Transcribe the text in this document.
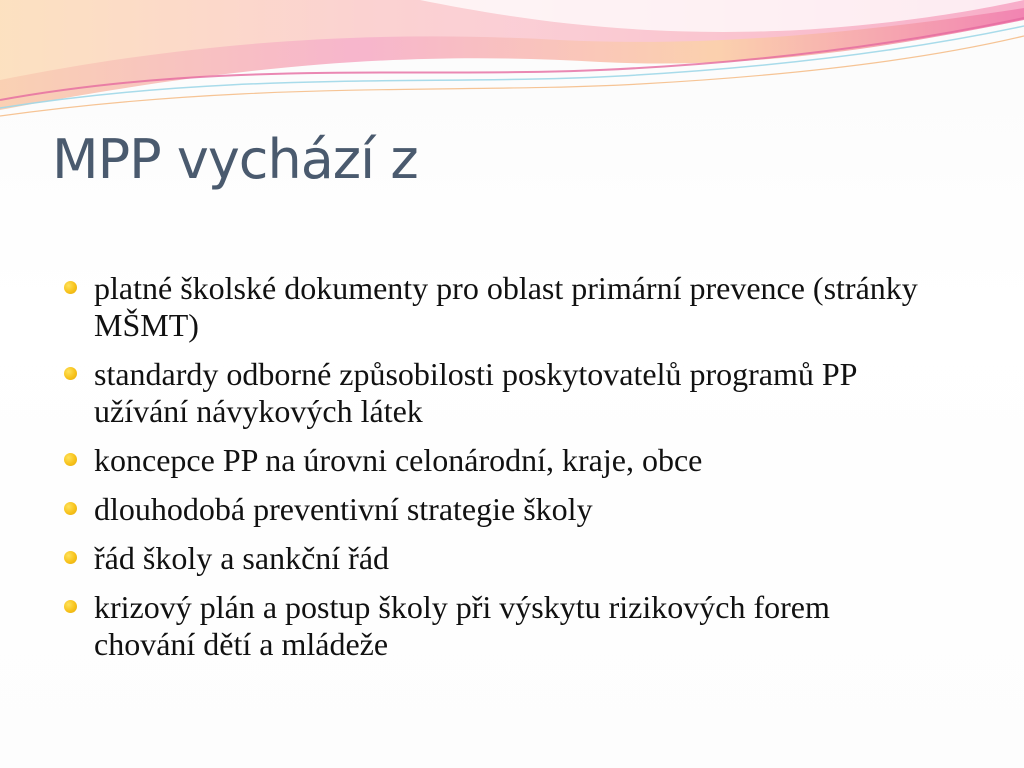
MPP vychází z
platné školské dokumenty pro oblast primární prevence (stránky MŠMT)
standardy odborné způsobilosti poskytovatelů programů PP užívání návykových látek
koncepce PP na úrovni celonárodní, kraje, obce
dlouhodobá preventivní strategie školy
řád školy a sankční řád
krizový plán a postup školy při výskytu rizikových forem chování dětí a mládeže
